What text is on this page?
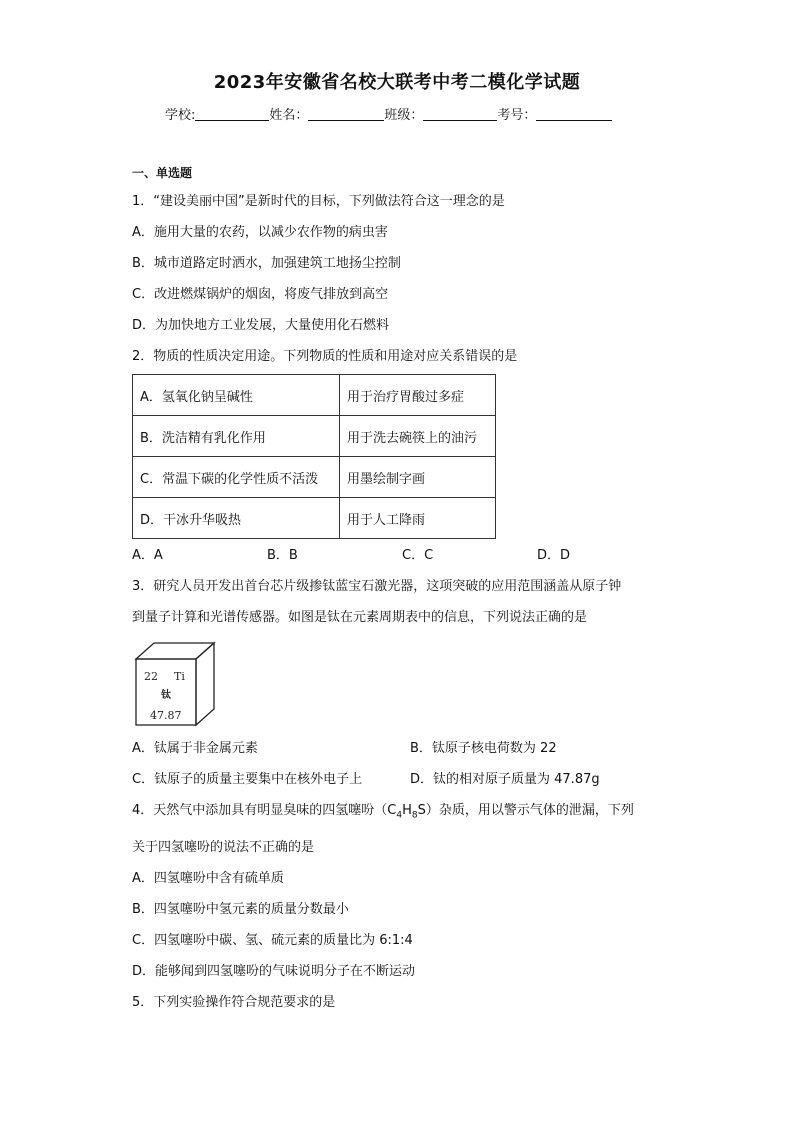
2023年安徽省名校大联考中考二模化学试题
学校:	姓名：	班级：	考号：
一、单选题
1．“建设美丽中国”是新时代的目标，下列做法符合这一理念的是
A．施用大量的农药，以减少农作物的病虫害
B．城市道路定时洒水，加强建筑工地扬尘控制
C．改进燃煤锅炉的烟囱，将废气排放到高空
D．为加快地方工业发展，大量使用化石燃料
2．物质的性质决定用途。下列物质的性质和用途对应关系错误的是
A．氢氧化钠呈碱性	用于治疗胃酸过多症
B．洗洁精有乳化作用	用于洗去碗筷上的油污
C．常温下碳的化学性质不活泼	用墨绘制字画
D．干冰升华吸热	用于人工降雨
A．A	B．B	C．C	D．D
3．研究人员开发出首台芯片级掺钛蓝宝石激光器，这项突破的应用范围涵盖从原子钟
到量子计算和光谱传感器。如图是钛在元素周期表中的信息，下列说法正确的是
22 Ti
钛
47.87
A．钛属于非金属元素	B．钛原子核电荷数为 22
C．钛原子的质量主要集中在核外电子上	D．钛的相对原子质量为 47.87g
4．天然气中添加具有明显臭味的四氢噻吩$(C_4H_8S)$杂质，用以警示气体的泄漏，下列
关于四氢噻吩的说法不正确的是
A．四氢噻吩中含有硫单质
B．四氢噻吩中氢元素的质量分数最小
C．四氢噻吩中碳、氢、硫元素的质量比为 6:1:4
D．能够闻到四氢噻吩的气味说明分子在不断运动
5．下列实验操作符合规范要求的是
